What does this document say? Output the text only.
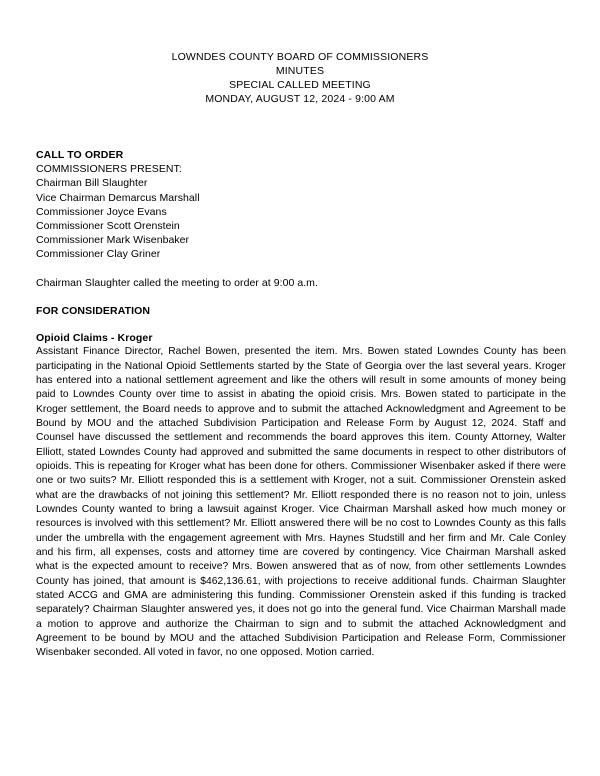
LOWNDES COUNTY BOARD OF COMMISSIONERS
MINUTES
SPECIAL CALLED MEETING
MONDAY, AUGUST 12, 2024 - 9:00 AM
CALL TO ORDER
COMMISSIONERS PRESENT:
Chairman Bill Slaughter
Vice Chairman Demarcus Marshall
Commissioner Joyce Evans
Commissioner Scott Orenstein
Commissioner Mark Wisenbaker
Commissioner Clay Griner
Chairman Slaughter called the meeting to order at 9:00 a.m.
FOR CONSIDERATION
Opioid Claims - Kroger

Assistant Finance Director, Rachel Bowen, presented the item. Mrs. Bowen stated Lowndes County has been participating in the National Opioid Settlements started by the State of Georgia over the last several years. Kroger has entered into a national settlement agreement and like the others will result in some amounts of money being paid to Lowndes County over time to assist in abating the opioid crisis. Mrs. Bowen stated to participate in the Kroger settlement, the Board needs to approve and to submit the attached Acknowledgment and Agreement to be Bound by MOU and the attached Subdivision Participation and Release Form by August 12, 2024. Staff and Counsel have discussed the settlement and recommends the board approves this item. County Attorney, Walter Elliott, stated Lowndes County had approved and submitted the same documents in respect to other distributors of opioids. This is repeating for Kroger what has been done for others. Commissioner Wisenbaker asked if there were one or two suits? Mr. Elliott responded this is a settlement with Kroger, not a suit. Commissioner Orenstein asked what are the drawbacks of not joining this settlement? Mr. Elliott responded there is no reason not to join, unless Lowndes County wanted to bring a lawsuit against Kroger. Vice Chairman Marshall asked how much money or resources is involved with this settlement? Mr. Elliott answered there will be no cost to Lowndes County as this falls under the umbrella with the engagement agreement with Mrs. Haynes Studstill and her firm and Mr. Cale Conley and his firm, all expenses, costs and attorney time are covered by contingency. Vice Chairman Marshall asked what is the expected amount to receive? Mrs. Bowen answered that as of now, from other settlements Lowndes County has joined, that amount is $462,136.61, with projections to receive additional funds. Chairman Slaughter stated ACCG and GMA are administering this funding. Commissioner Orenstein asked if this funding is tracked separately? Chairman Slaughter answered yes, it does not go into the general fund. Vice Chairman Marshall made a motion to approve and authorize the Chairman to sign and to submit the attached Acknowledgment and Agreement to be bound by MOU and the attached Subdivision Participation and Release Form, Commissioner Wisenbaker seconded. All voted in favor, no one opposed. Motion carried.
